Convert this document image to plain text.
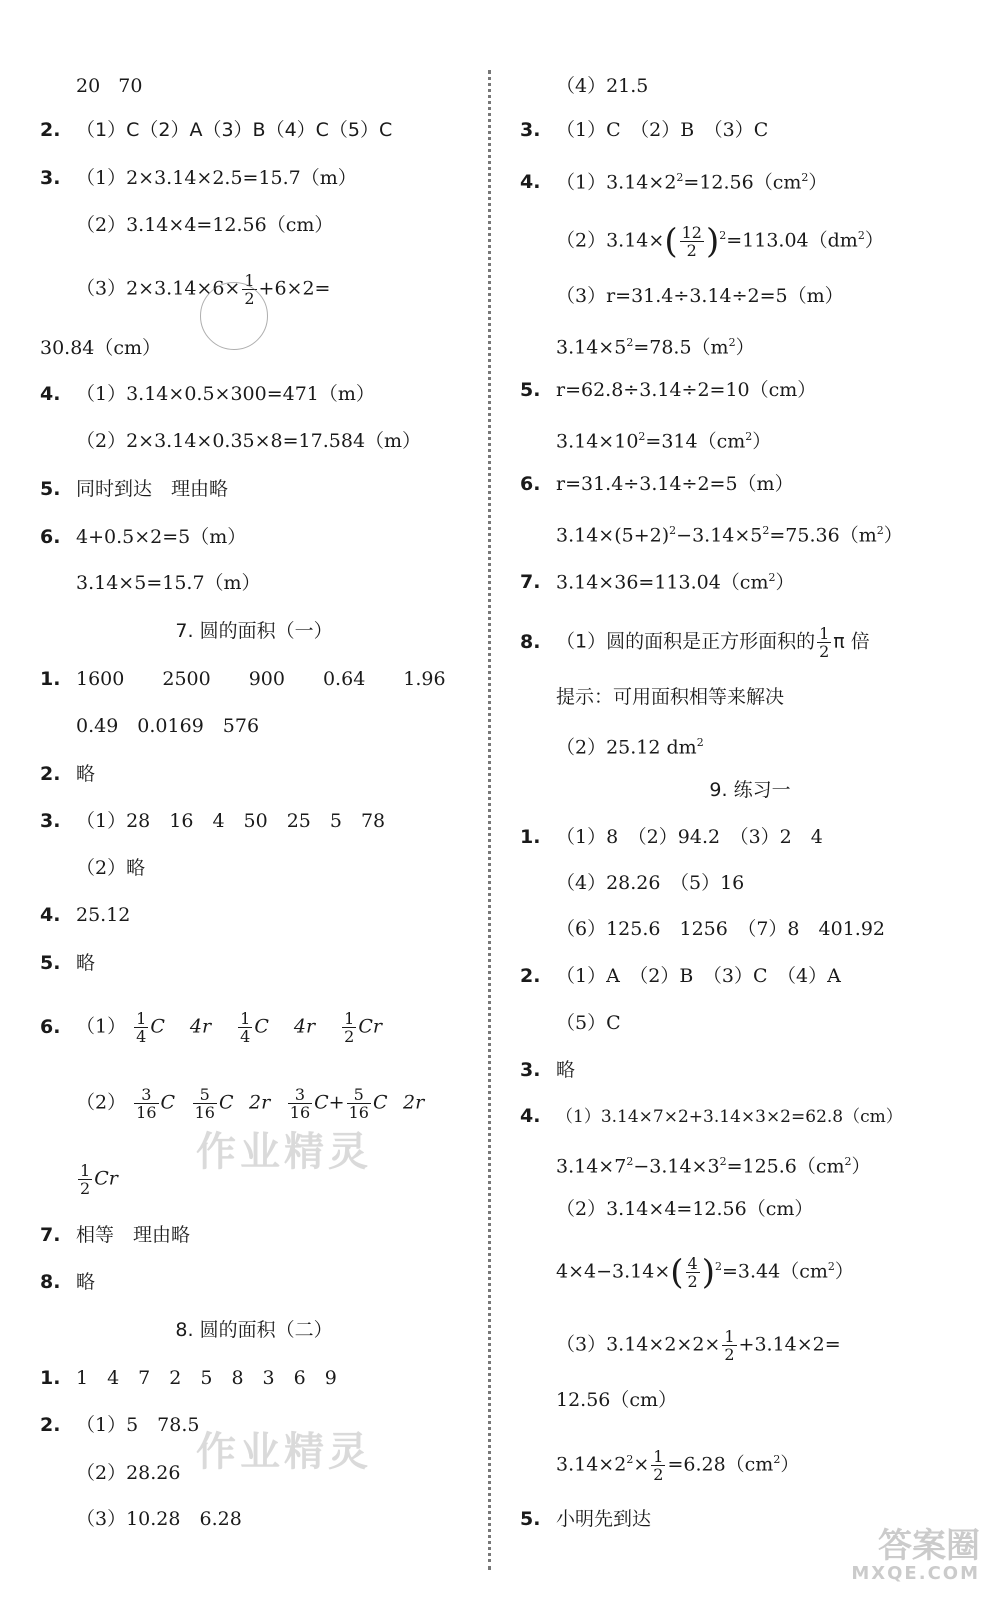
20   70
2. （1）C（2）A（3）B（4）C（5）C
3. （1）2×3.14×2.5=15.7（m）
（2）3.14×4=12.56（cm）
$(3)2\times 3.14\times 6\times \frac{1}{2} +6\times 2=$
30.84（cm）
4. （1）3.14×0.5×300=471（m）
（2）2×3.14×0.35×8=17.584（m）
5. 同时到达　理由略
6. 4+0.5×2=5（m）
3.14×5=15.7（m）
7. 圆的面积（一）
1. 1600　　2500　　900　　0.64　　1.96
0.49　0.0169　576
2. 略
3. （1）28　16　4　50　25　5　78
（2）略
4. 25.12
5. 略
6. $(1) \frac{1}{4}$ C   4r  $\frac{1}{4}$ C   4r  $\frac{1}{2}$ Cr
$(2) \frac{3}{16}$ C   $\frac{5}{16}$ C   2r  $\frac{3}{16} C+ \frac{5}{16}$ C   2r
$\frac{1}{2}$ Cr
7. 相等　理由略
8. 略
8. 圆的面积（二）
1. 1　4　7　2　5　8　3　6　9
2. （1）5　78.5
（2）28.26
（3）10.28　6.28
（4）21.5
3. （1）C　（2）B　（3）C
4. $(1)3.14\times 2^2=12.56(cm^2)$
$(2)3.14\times( \frac{12}{2} )^2=113.04(dm^2)$
（3）r=31.4÷3.14÷2=5（m）
$3.14\times 5^2=78.5(m^2)$
5. r=62.8÷3.14÷2=10（cm）
$3.14\times 10^2=314(cm^2)$
6. r=31.4÷3.14÷2=5（m）
$3.14\times(5+2)^2-3.14\times 5^2=75.36(m^2)$
7. $3.14\times 36=113.04(cm^2)$
8. （1）圆的面积是正方形面积的 $\frac{1}{2}$ π 倍
提示：可用面积相等来解决
（2）25.12 $dm^2$
9. 练习一
1. （1）8　（2）94.2　（3）2　4
（4）28.26　（5）16
（6）125.6　1256　（7）8　401.92
2. （1）A　（2）B　（3）C　（4）A
（5）C
3. 略
4. （1）3.14×7×2+3.14×3×2=62.8（cm）
$3.14\times 7^2-3.14\times 3^2=125.6(cm^2)$
（2）3.14×4=12.56（cm）
$4\times 4-3.14\times( \frac{4}{2} )^2=3.44(cm^2)$
$(3)3.14\times 2\times 2\times \frac{1}{2} +3.14\times 2=$
12.56（cm）
$3.14\times 2^2\times \frac{1}{2} =6.28(cm^2)$
5. 小明先到达
作业精灵
作业精灵
答案圈
MXQE.COM
